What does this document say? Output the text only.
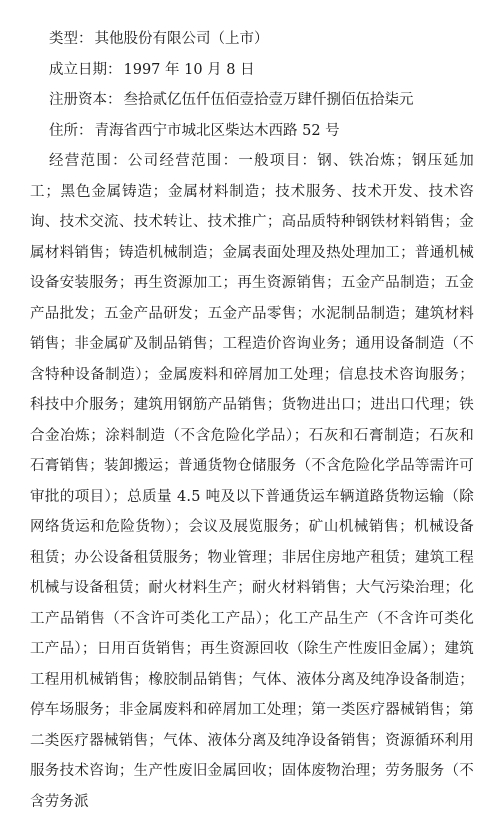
类型： 其他股份有限公司（上市）

成立日期： 1997 年 10 月 8 日

注册资本： 叁拾贰亿伍仟伍佰壹拾壹万肆仟捌佰伍拾柒元

住所： 青海省西宁市城北区柴达木西路 52 号

经营范围：公司经营范围：一般项目：钢、铁冶炼；钢压延加工；黑色金属铸造；金属材料制造；技术服务、技术开发、技术咨询、技术交流、技术转让、技术推广；高品质特种钢铁材料销售；金属材料销售；铸造机械制造；金属表面处理及热处理加工；普通机械设备安装服务；再生资源加工；再生资源销售；五金产品制造；五金产品批发；五金产品研发；五金产品零售；水泥制品制造；建筑材料销售；非金属矿及制品销售；工程造价咨询业务；通用设备制造（不含特种设备制造）；金属废料和碎屑加工处理；信息技术咨询服务；科技中介服务；建筑用钢筋产品销售；货物进出口；进出口代理；铁合金冶炼；涂料制造（不含危险化学品）；石灰和石膏制造；石灰和石膏销售；装卸搬运；普通货物仓储服务（不含危险化学品等需许可审批的项目）；总质量 4.5 吨及以下普通货运车辆道路货物运输（除网络货运和危险货物）；会议及展览服务；矿山机械销售；机械设备租赁；办公设备租赁服务；物业管理；非居住房地产租赁；建筑工程机械与设备租赁；耐火材料生产；耐火材料销售；大气污染治理；化工产品销售（不含许可类化工产品）；化工产品生产（不含许可类化工产品）；日用百货销售；再生资源回收（除生产性废旧金属）；建筑工程用机械销售；橡胶制品销售；气体、液体分离及纯净设备制造；停车场服务；非金属废料和碎屑加工处理；第一类医疗器械销售；第二类医疗器械销售；气体、液体分离及纯净设备销售；资源循环利用服务技术咨询；生产性废旧金属回收；固体废物治理；劳务服务（不含劳务派
